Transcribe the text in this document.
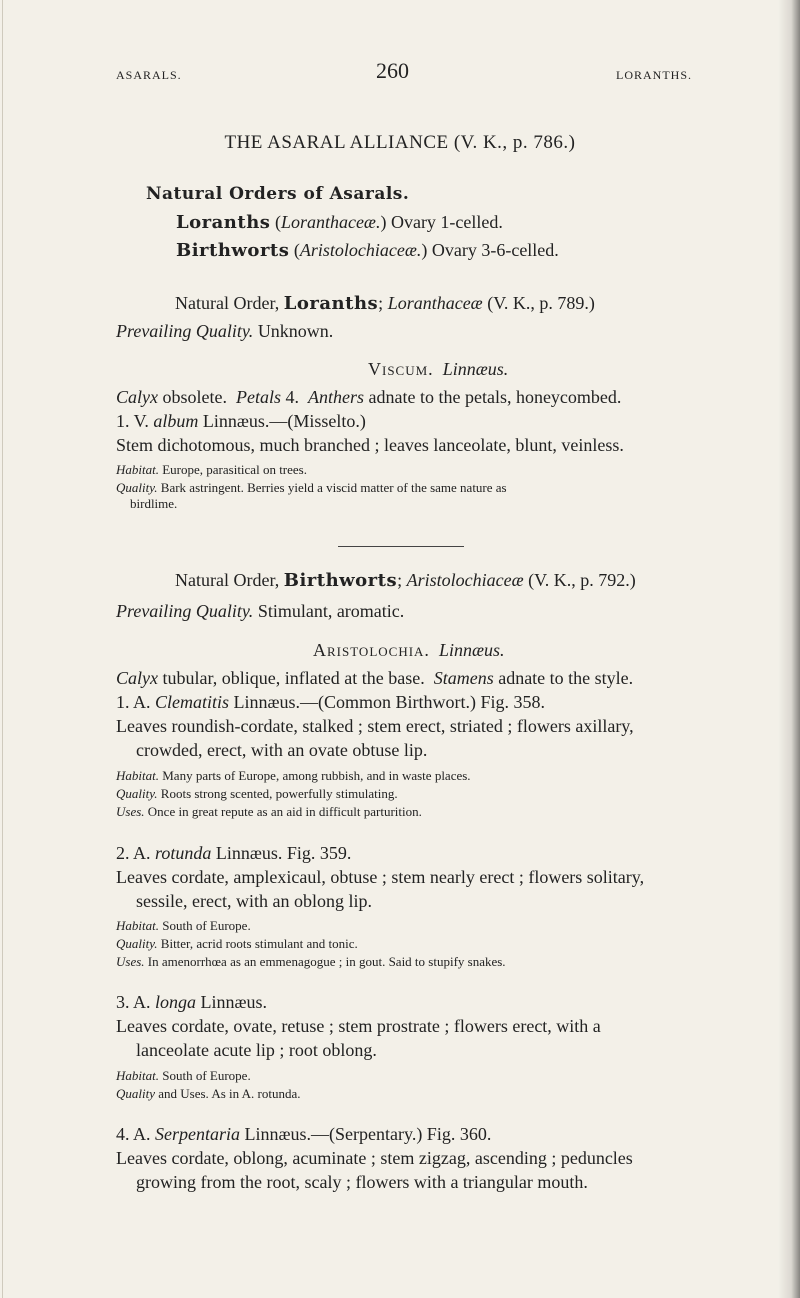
ASARALS.	260	LORANTHS.
THE ASARAL ALLIANCE (V. K., p. 786.)
Natural Orders of Asarals.
Loranths (Loranthaceæ.) Ovary 1-celled.
Birthworts (Aristolochiaceæ.) Ovary 3-6-celled.
Natural Order, Loranths; Loranthaceæ (V. K., p. 789.)
Prevailing Quality. Unknown.
Viscum. Linnæus.
Calyx obsolete. Petals 4. Anthers adnate to the petals, honeycombed.
1. V. album Linnæus.—(Misselto.)
Stem dichotomous, much branched ; leaves lanceolate, blunt, veinless.
Habitat. Europe, parasitical on trees.
Quality. Bark astringent. Berries yield a viscid matter of the same nature as
birdlime.
Natural Order, Birthworts; Aristolochiaceæ (V. K., p. 792.)
Prevailing Quality. Stimulant, aromatic.
Aristolochia. Linnæus.
Calyx tubular, oblique, inflated at the base. Stamens adnate to the style.
1. A. Clematitis Linnæus.—(Common Birthwort.) Fig. 358.
Leaves roundish-cordate, stalked ; stem erect, striated ; flowers axillary,
crowded, erect, with an ovate obtuse lip.
Habitat. Many parts of Europe, among rubbish, and in waste places.
Quality. Roots strong scented, powerfully stimulating.
Uses. Once in great repute as an aid in difficult parturition.
2. A. rotunda Linnæus. Fig. 359.
Leaves cordate, amplexicaul, obtuse ; stem nearly erect ; flowers solitary,
sessile, erect, with an oblong lip.
Habitat. South of Europe.
Quality. Bitter, acrid roots stimulant and tonic.
Uses. In amenorrhœa as an emmenagogue ; in gout. Said to stupify snakes.
3. A. longa Linnæus.
Leaves cordate, ovate, retuse ; stem prostrate ; flowers erect, with a
lanceolate acute lip ; root oblong.
Habitat. South of Europe.
Quality and Uses. As in A. rotunda.
4. A. Serpentaria Linnæus.—(Serpentary.) Fig. 360.
Leaves cordate, oblong, acuminate ; stem zigzag, ascending ; peduncles
growing from the root, scaly ; flowers with a triangular mouth.
